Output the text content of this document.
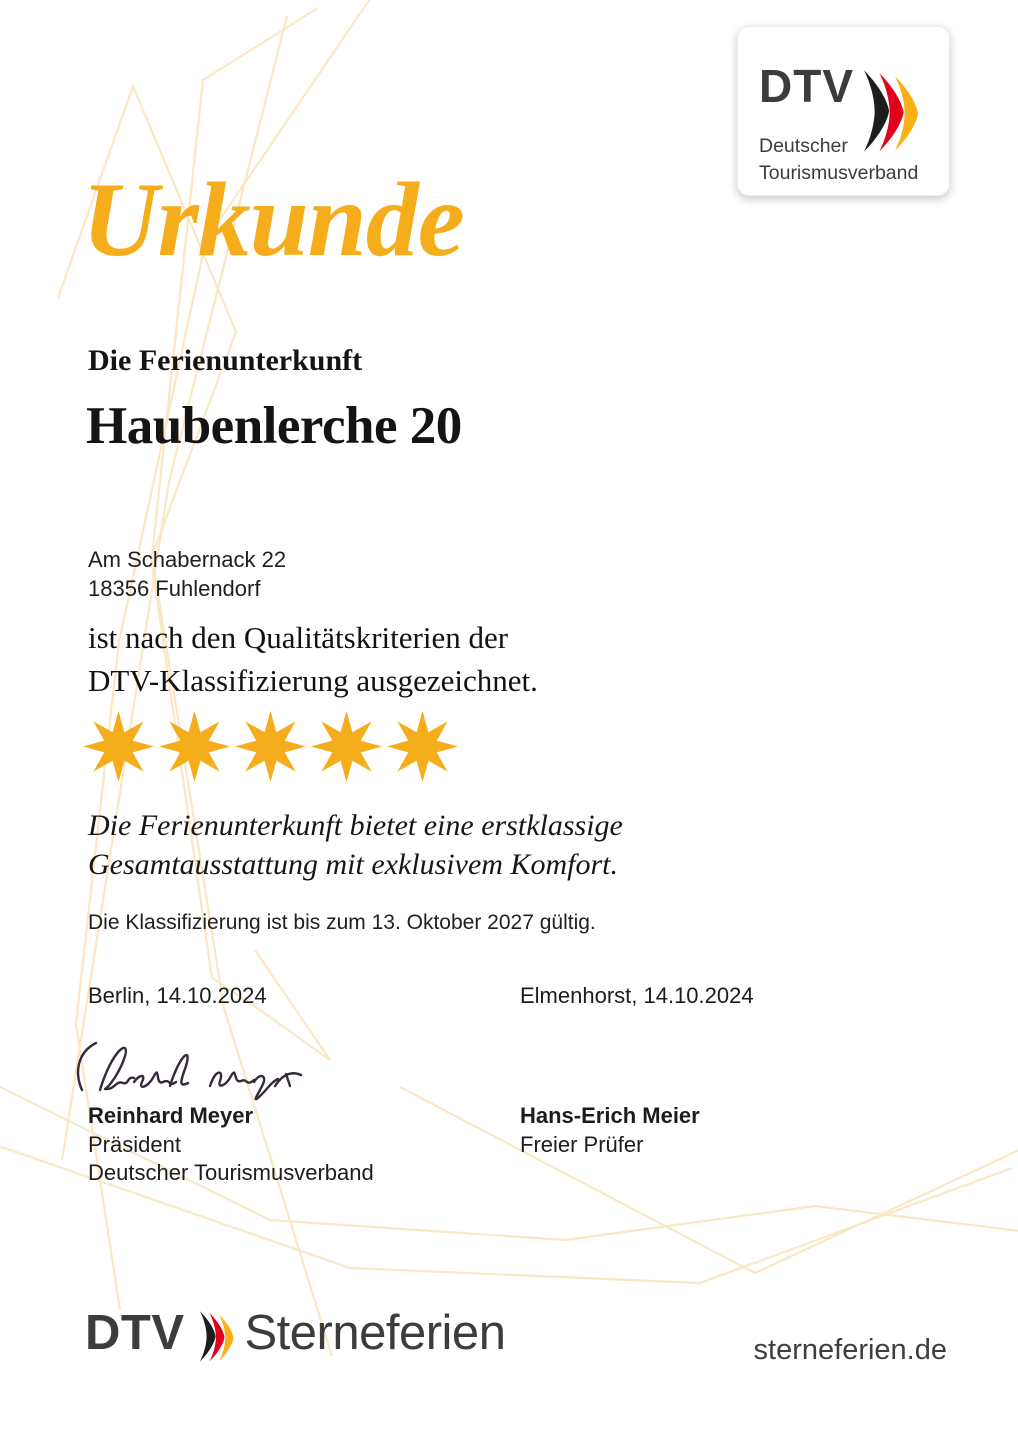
DTV
Deutscher
Tourismusverband
Urkunde
Die Ferienunterkunft
Haubenlerche 20
Am Schabernack 22
18356 Fuhlendorf
ist nach den Qualitätskriterien der
DTV-Klassifizierung ausgezeichnet.
Die Ferienunterkunft bietet eine erstklassige
Gesamtausstattung mit exklusivem Komfort.
Die Klassifizierung ist bis zum 13. Oktober 2027 gültig.
Berlin, 14.10.2024	Elmenhorst, 14.10.2024
Reinhard Meyer
Präsident
Deutscher Tourismusverband
Hans-Erich Meier
Freier Prüfer
DTV Sterneferien	sterneferien.de
